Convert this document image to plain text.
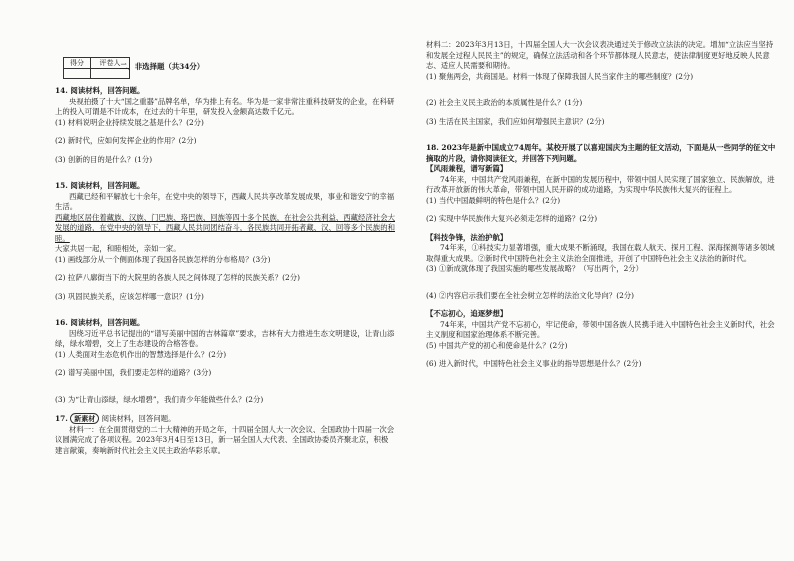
得分	评卷人
	二、非选择题（共34分）

14. 阅读材料，回答问题。

央视拍摄了十大“国之重器”品牌名单，华为排上有名。华为是一家非常注重科技研发的企业，在科研上的投入可谓是不计成本，在过去的十年里，研发投入金额高达数千亿元。

(1) 材料说明企业持续发展之基是什么？(2分)

(2) 新时代，应如何发挥企业的作用？(2分)

(3) 创新的目的是什么？(1分)

15. 阅读材料，回答问题。

西藏已经和平解放七十余年，在党中央的领导下，西藏人民共享改革发展成果，事业和谐安宁的幸福生活。

西藏地区居住着藏族、汉族、门巴族、珞巴族、回族等四十多个民族，在社会公共利益、西藏经济社会大发展的道路，在党中央的领导下，西藏人民共同团结奋斗，各民族共同开拓者藏、汉、回等多个民族的和睦。

大家共居一起，和睦相处，亲如一家。

(1) 画线部分从一个侧面体现了我国各民族怎样的分布格局？(3分)

(2) 拉萨八廓街当下的大院里的各族人民之间体现了怎样的民族关系？(2分)

(3) 巩固民族关系，应该怎样哪一意识？(1分)

16. 阅读材料，回答问题。

因绕习近平总书记提出的“谱写美丽中国的吉林篇章”要求，吉林有大力推进生态文明建设，让青山添绿，绿水增碧，交上了生态建设的合格答卷。

(1) 人类面对生态危机作出的智慧选择是什么？(2分)

(2) 谱写美丽中国，我们要走怎样的道路？(3分)

(3) 为“让青山添绿，绿水增碧”，我们青少年能做些什么？(2分)

17. 新素材 阅读材料，回答问题。

材料一：在全面贯彻党的二十大精神的开局之年，十四届全国人大一次会议、全国政协十四届一次会议圆满完成了各项议程。2023年3月4日至13日，新一届全国人大代表、全国政协委员齐聚北京，积极建言献策，奏响新时代社会主义民主政治华彩乐章。

材料二：2023年3月13日，十四届全国人大一次会议表决通过关于修改立法法的决定。增加“立法应当坚持和发展全过程人民民主”的规定，确保立法活动和各个环节都体现人民意志，使法律制度更好地反映人民意志、适应人民需要和期待。

(1) 聚焦两会，共商国是。材料一体现了保障我国人民当家作主的哪些制度？(2分)

(2) 社会主义民主政治的本质属性是什么？(1分)

(3) 生活在民主国家，我们应如何增强民主意识？(2分)

18. 2023年是新中国成立74周年。某校开展了以喜迎国庆为主题的征文活动，下面是从一些同学的征文中摘取的片段，请你阅读征文，并回答下列问题。

【风雨兼程，谱写新篇】

74年来，中国共产党风雨兼程，在新中国的发展历程中，带领中国人民实现了国家独立、民族解放，进行改革开放新的伟大革命，带领中国人民开辟的成功道路，为实现中华民族伟大复兴的征程上。

(1) 当代中国最鲜明的特色是什么？(2分)

(2) 实现中华民族伟大复兴必须走怎样的道路？(2分)

【科技争锋，法治护航】

74年来，①科技实力显著增强，重大成果不断涌现，我国在载人航天、探月工程、深海探测等诸多领域取得重大成果。②新时代中国特色社会主义法治全面推进，开创了中国特色社会主义法治的新时代。

(3) ①新成就体现了我国实施的哪些发展战略？（写出两个，2分）

(4) ②内容启示我们要在全社会树立怎样的法治文化导向？(2分)

【不忘初心，追逐梦想】

74年来，中国共产党不忘初心，牢记使命，带领中国各族人民携手进入中国特色社会主义新时代，社会主义制度和国家治理体系不断完善。

(5) 中国共产党的初心和使命是什么？(2分)

(6) 进入新时代，中国特色社会主义事业的指导思想是什么？(2分)
